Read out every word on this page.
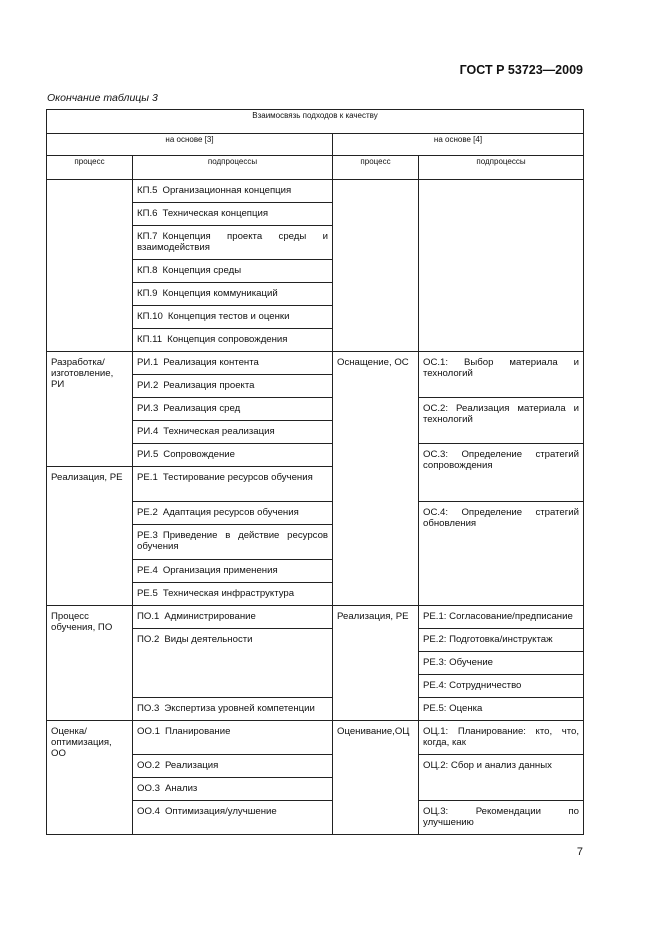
ГОСТ Р 53723—2009
Окончание таблицы 3
Взаимосвязь подходов к качеству			
на основе [3]		на основе [4]	
процесс	подпроцессы	процесс	подпроцессы
	КП.5 Организационная концепция		
	КП.6 Техническая концепция		
	КП.7 Концепция проекта среды и взаимодействия		
	КП.8 Концепция среды		
	КП.9 Концепция коммуникаций		
	КП.10 Концепция тестов и оценки		
	КП.11 Концепция сопровождения		
Разработка/ изготовление, РИ	РИ.1 Реализация контента	Оснащение, ОС	ОС.1: Выбор материала и технологий
	РИ.2 Реализация проекта		
	РИ.3 Реализация сред		ОС.2: Реализация материала и технологий
	РИ.4 Техническая реализация		
	РИ.5 Сопровождение		ОС.3: Определение стратегий сопровождения
Реализация, РЕ	РЕ.1 Тестирование ресурсов обучения		
	РЕ.2 Адаптация ресурсов обучения		ОС.4: Определение стратегий обновления
	РЕ.3 Приведение в действие ресурсов обучения		
	РЕ.4 Организация применения		
	РЕ.5 Техническая инфраструктура		
Процесс обучения, ПО	ПО.1 Администрирование	Реализация, РЕ	РЕ.1: Согласование/предписание
	ПО.2 Виды деятельности		РЕ.2: Подготовка/инструктаж
			РЕ.3: Обучение
			РЕ.4: Сотрудничество
	ПО.3 Экспертиза уровней компетенции		РЕ.5: Оценка
Оценка/ оптимизация, ОО	ОО.1 Планирование	Оценивание,ОЦ	ОЦ.1: Планирование: кто, что, когда, как
	ОО.2 Реализация		ОЦ.2: Сбор и анализ данных
	ОО.3 Анализ		
	ОО.4 Оптимизация/улучшение		ОЦ.3: Рекомендации по улучшению
7
